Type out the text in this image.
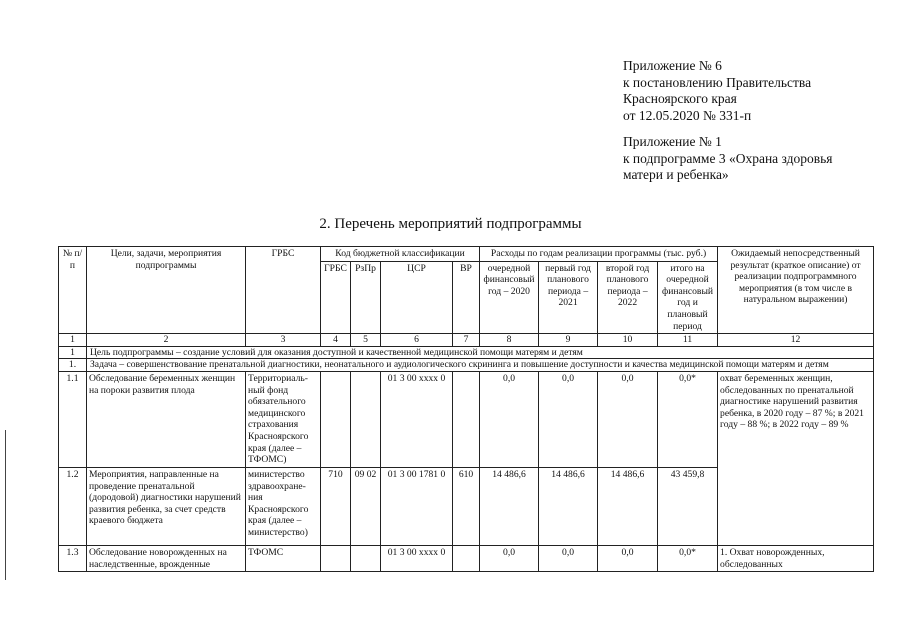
Приложение № 6
к постановлению Правительства
Красноярского края
от 12.05.2020 № 331-п
Приложение № 1
к подпрограмме 3 «Охрана здоровья
матери и ребенка»
2. Перечень мероприятий подпрограммы
№ п/п	Цели, задачи, мероприятия подпрограммы	ГРБС	Код бюджетной классификации				Расходы по годам реализации программы (тыс. руб.)				Ожидаемый непосредственный результат (краткое описание) от реализации подпрограммного мероприятия (в том числе в натуральном выражении)
			ГРБС	РзПр	ЦСР	ВР	очередной финансовый год – 2020	первый год планового периода – 2021	второй год планового периода – 2022	итого на очередной финансовый год и плановый период	
1	2	3	4	5	6	7	8	9	10	11	12
1	Цель подпрограммы – создание условий для оказания доступной и качественной медицинской помощи матерям и детям										
1.	Задача – совершенствование пренатальной диагностики, неонатального и аудиологического скрининга и повышение доступности и качества медицинской помощи матерям и детям										
1.1	Обследование беременных женщин на пороки развития плода	Территориаль-ный фонд обязательного медицинского страхования Красноярского края (далее – ТФОМС)			01 3 00 хххх 0		0,0	0,0	0,0	0,0*	охват беременных женщин, обследованных по пренатальной диагностике нарушений развития ребенка, в 2020 году – 87 %; в 2021 году – 88 %; в 2022 году – 89 %
1.2	Мероприятия, направленные на проведение пренатальной (дородовой) диагностики нарушений развития ребенка, за счет средств краевого бюджета	министерство здравоохране-ния Красноярского края (далее – министерство)	710	09 02	01 3 00 1781 0	610	14 486,6	14 486,6	14 486,6	43 459,8	
1.3	Обследование новорожденных на наследственные, врожденные	ТФОМС			01 3 00 хххх 0		0,0	0,0	0,0	0,0*	1. Охват новорожденных, обследованных
